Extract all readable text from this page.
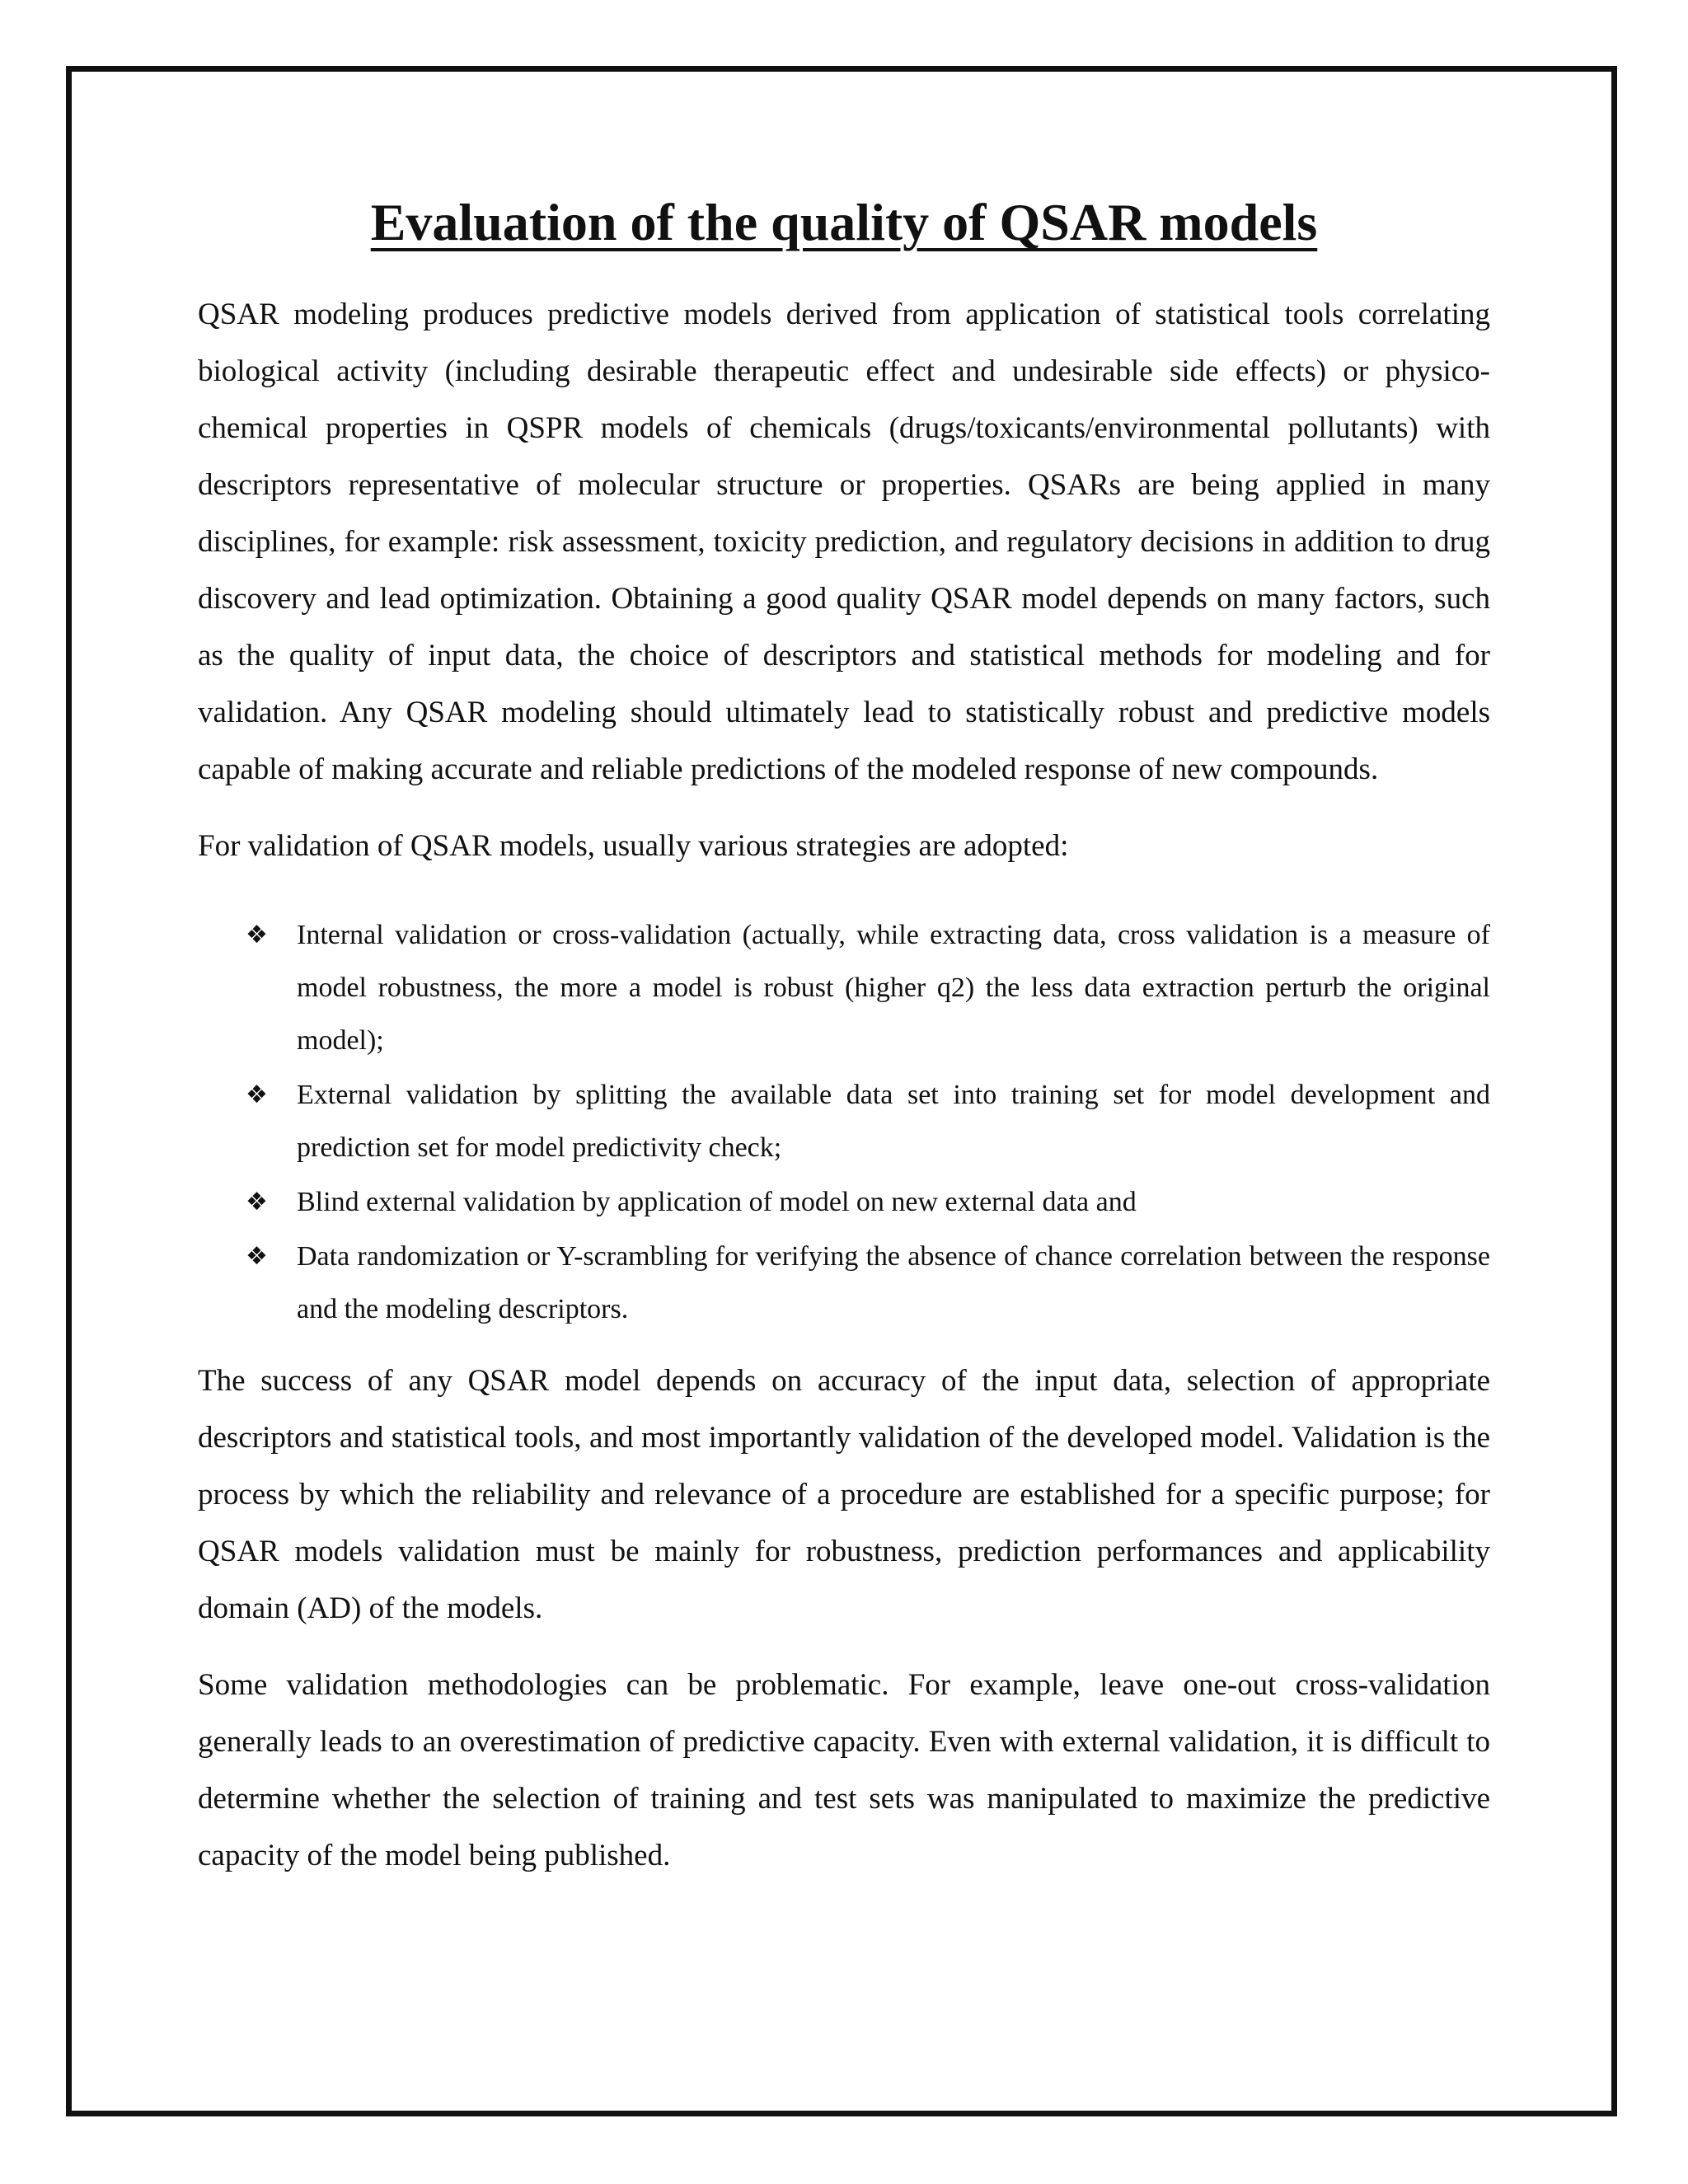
Evaluation of the quality of QSAR models

QSAR modeling produces predictive models derived from application of statistical tools correlating biological activity (including desirable therapeutic effect and undesirable side effects) or physico-chemical properties in QSPR models of chemicals (drugs/toxicants/environmental pollutants) with descriptors representative of molecular structure or properties. QSARs are being applied in many disciplines, for example: risk assessment, toxicity prediction, and regulatory decisions in addition to drug discovery and lead optimization. Obtaining a good quality QSAR model depends on many factors, such as the quality of input data, the choice of descriptors and statistical methods for modeling and for validation. Any QSAR modeling should ultimately lead to statistically robust and predictive models capable of making accurate and reliable predictions of the modeled response of new compounds.

For validation of QSAR models, usually various strategies are adopted:

❖ Internal validation or cross-validation (actually, while extracting data, cross validation is a measure of model robustness, the more a model is robust (higher q2) the less data extraction perturb the original model);
❖ External validation by splitting the available data set into training set for model development and prediction set for model predictivity check;
❖ Blind external validation by application of model on new external data and
❖ Data randomization or Y-scrambling for verifying the absence of chance correlation between the response and the modeling descriptors.

The success of any QSAR model depends on accuracy of the input data, selection of appropriate descriptors and statistical tools, and most importantly validation of the developed model. Validation is the process by which the reliability and relevance of a procedure are established for a specific purpose; for QSAR models validation must be mainly for robustness, prediction performances and applicability domain (AD) of the models.

Some validation methodologies can be problematic. For example, leave one-out cross-validation generally leads to an overestimation of predictive capacity. Even with external validation, it is difficult to determine whether the selection of training and test sets was manipulated to maximize the predictive capacity of the model being published.
